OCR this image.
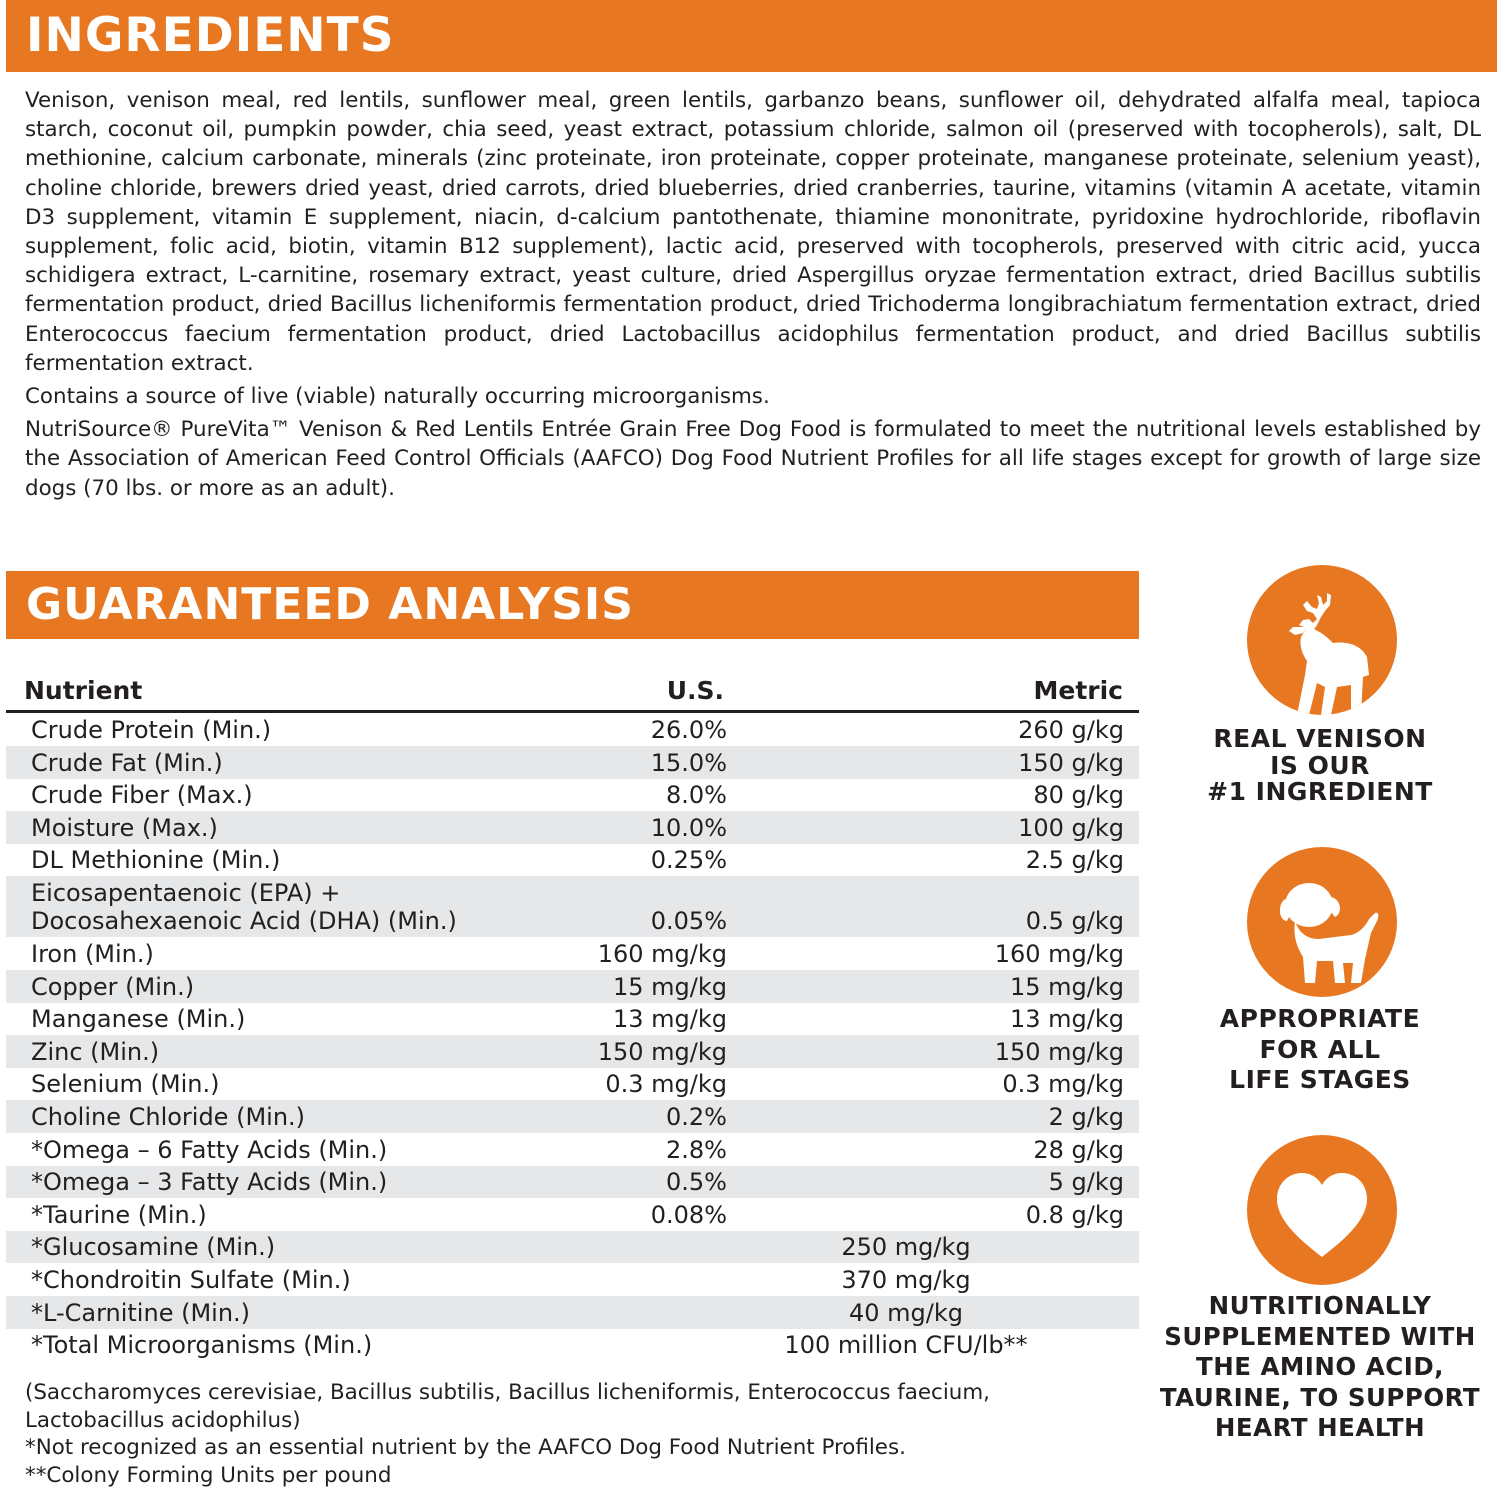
INGREDIENTS

Venison, venison meal, red lentils, sunflower meal, green lentils, garbanzo beans, sunflower oil, dehydrated alfalfa meal, tapioca starch, coconut oil, pumpkin powder, chia seed, yeast extract, potassium chloride, salmon oil (preserved with tocopherols), salt, DL methionine, calcium carbonate, minerals (zinc proteinate, iron proteinate, copper proteinate, manganese proteinate, selenium yeast), choline chloride, brewers dried yeast, dried carrots, dried blueberries, dried cranberries, taurine, vitamins (vitamin A acetate, vitamin D3 supplement, vitamin E supplement, niacin, d-calcium pantothenate, thiamine mononitrate, pyridoxine hydrochloride, riboflavin supplement, folic acid, biotin, vitamin B12 supplement), lactic acid, preserved with tocopherols, preserved with citric acid, yucca schidigera extract, L-carnitine, rosemary extract, yeast culture, dried Aspergillus oryzae fermentation extract, dried Bacillus subtilis fermentation product, dried Bacillus licheniformis fermentation product, dried Trichoderma longibrachiatum fermentation extract, dried Enterococcus faecium fermentation product, dried Lactobacillus acidophilus fermentation product, and dried Bacillus subtilis fermentation extract.

Contains a source of live (viable) naturally occurring microorganisms.

NutriSource® PureVita™ Venison & Red Lentils Entrée Grain Free Dog Food is formulated to meet the nutritional levels established by the Association of American Feed Control Officials (AAFCO) Dog Food Nutrient Profiles for all life stages except for growth of large size dogs (70 lbs. or more as an adult).

GUARANTEED ANALYSIS
Nutrient	U.S.	Metric
Crude Protein (Min.)	26.0%	260 g/kg
Crude Fat (Min.)	15.0%	150 g/kg
Crude Fiber (Max.)	8.0%	80 g/kg
Moisture (Max.)	10.0%	100 g/kg
DL Methionine (Min.)	0.25%	2.5 g/kg
Eicosapentaenoic (EPA) +
Docosahexaenoic Acid (DHA) (Min.)	0.05%	0.5 g/kg
Iron (Min.)	160 mg/kg	160 mg/kg
Copper (Min.)	15 mg/kg	15 mg/kg
Manganese (Min.)	13 mg/kg	13 mg/kg
Zinc (Min.)	150 mg/kg	150 mg/kg
Selenium (Min.)	0.3 mg/kg	0.3 mg/kg
Choline Chloride (Min.)	0.2%	2 g/kg
*Omega – 6 Fatty Acids (Min.)	2.8%	28 g/kg
*Omega – 3 Fatty Acids (Min.)	0.5%	5 g/kg
*Taurine (Min.)	0.08%	0.8 g/kg
*Glucosamine (Min.)	250 mg/kg
*Chondroitin Sulfate (Min.)	370 mg/kg
*L-Carnitine (Min.)	40 mg/kg
*Total Microorganisms (Min.)	100 million CFU/lb**
(Saccharomyces cerevisiae, Bacillus subtilis, Bacillus licheniformis, Enterococcus faecium, Lactobacillus acidophilus)
*Not recognized as an essential nutrient by the AAFCO Dog Food Nutrient Profiles.
**Colony Forming Units per pound
REAL VENISON
IS OUR
#1 INGREDIENT
APPROPRIATE
FOR ALL
LIFE STAGES
NUTRITIONALLY
SUPPLEMENTED WITH
THE AMINO ACID,
TAURINE, TO SUPPORT
HEART HEALTH
